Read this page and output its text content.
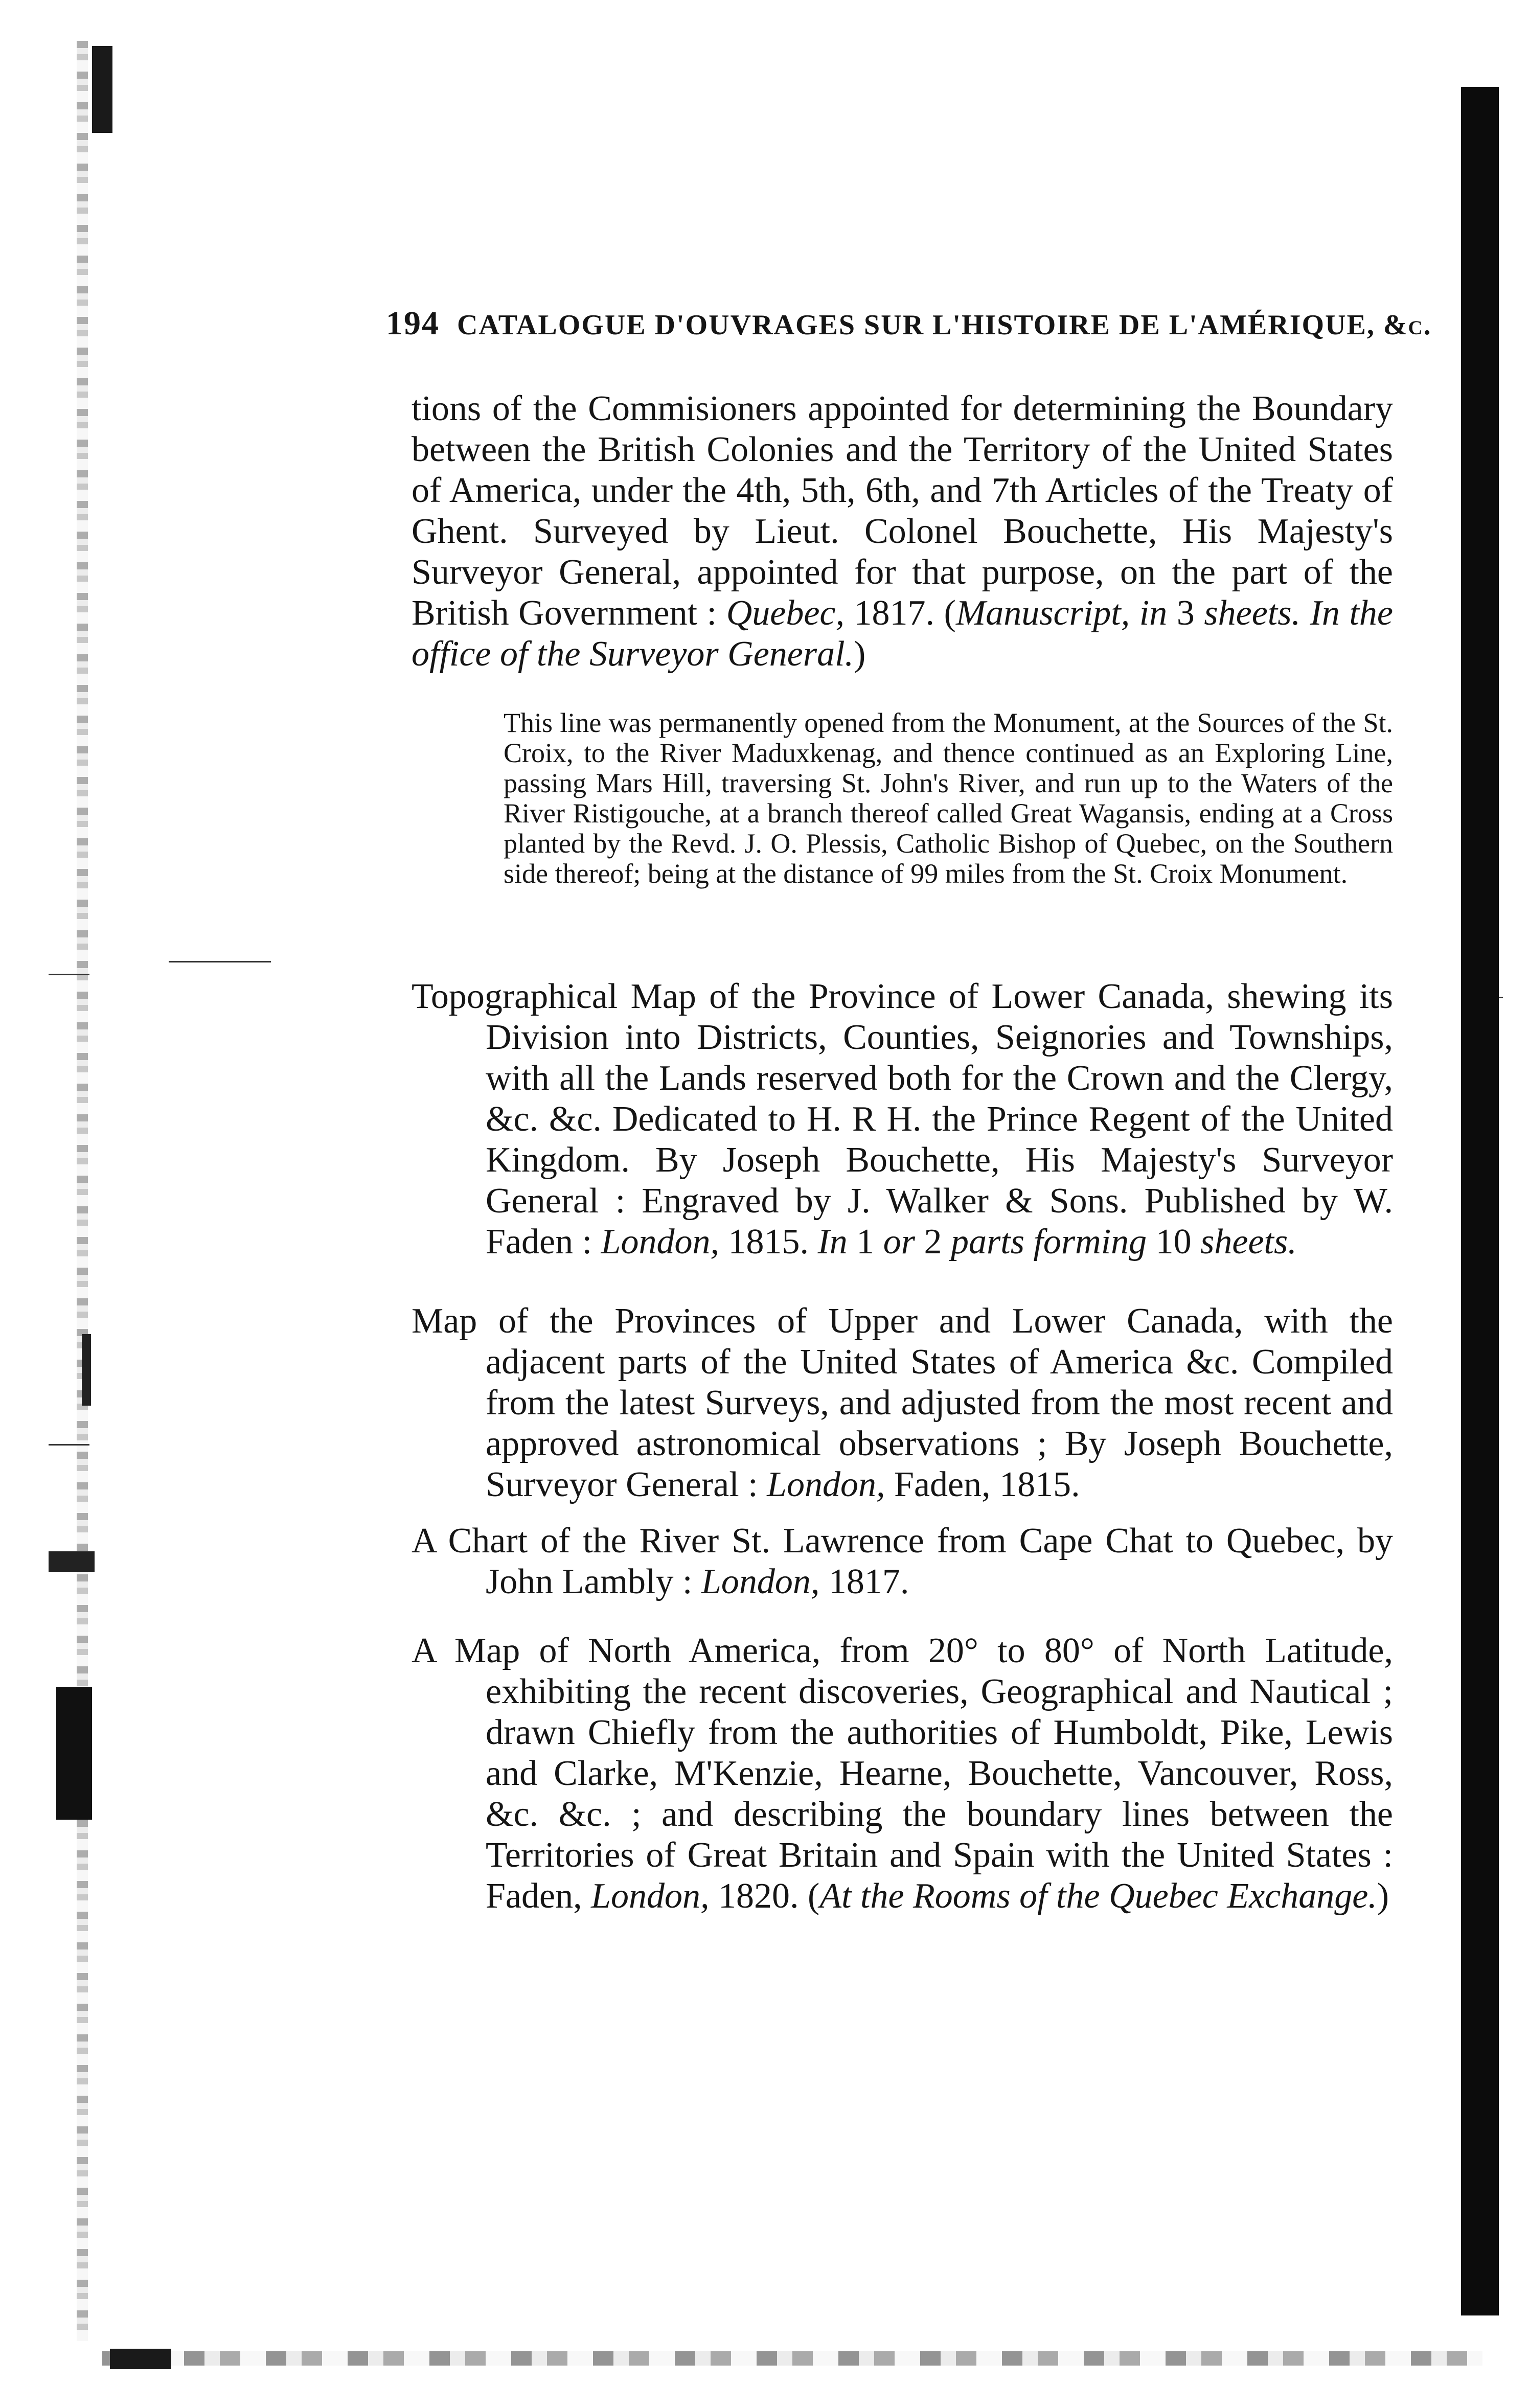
194 CATALOGUE D'OUVRAGES SUR L'HISTOIRE DE L'AMÉRIQUE, &c.
tions of the Commisioners appointed for determining the Boundary between the British Colonies and the Territory of the United States of America, under the 4th, 5th, 6th, and 7th Articles of the Treaty of Ghent. Surveyed by Lieut. Colonel Bouchette, His Majesty's Surveyor General, appointed for that purpose, on the part of the British Government : Quebec, 1817. (Manuscript, in 3 sheets. In the office of the Surveyor General.)
This line was permanently opened from the Monument, at the Sources of the St. Croix, to the River Maduxkenag, and thence continued as an Exploring Line, passing Mars Hill, traversing St. John's River, and run up to the Waters of the River Ristigouche, at a branch thereof called Great Wagansis, ending at a Cross planted by the Revd. J. O. Plessis, Catholic Bishop of Quebec, on the Southern side thereof; being at the distance of 99 miles from the St. Croix Monument.
Topographical Map of the Province of Lower Canada, shewing its Division into Districts, Counties, Seignories and Townships, with all the Lands reserved both for the Crown and the Clergy, &c. &c. Dedicated to H. R H. the Prince Regent of the United Kingdom. By Joseph Bouchette, His Majesty's Surveyor General : Engraved by J. Walker & Sons. Published by W. Faden : London, 1815. In 1 or 2 parts forming 10 sheets.
Map of the Provinces of Upper and Lower Canada, with the adjacent parts of the United States of America &c. Compiled from the latest Surveys, and adjusted from the most recent and approved astronomical observations ; By Joseph Bouchette, Surveyor General : London, Faden, 1815.
A Chart of the River St. Lawrence from Cape Chat to Quebec, by John Lambly : London, 1817.
A Map of North America, from 20° to 80° of North Latitude, exhibiting the recent discoveries, Geographical and Nautical ; drawn Chiefly from the authorities of Humboldt, Pike, Lewis and Clarke, M'Kenzie, Hearne, Bouchette, Vancouver, Ross, &c. &c. ; and describing the boundary lines between the Territories of Great Britain and Spain with the United States : Faden, London, 1820. (At the Rooms of the Quebec Exchange.)
